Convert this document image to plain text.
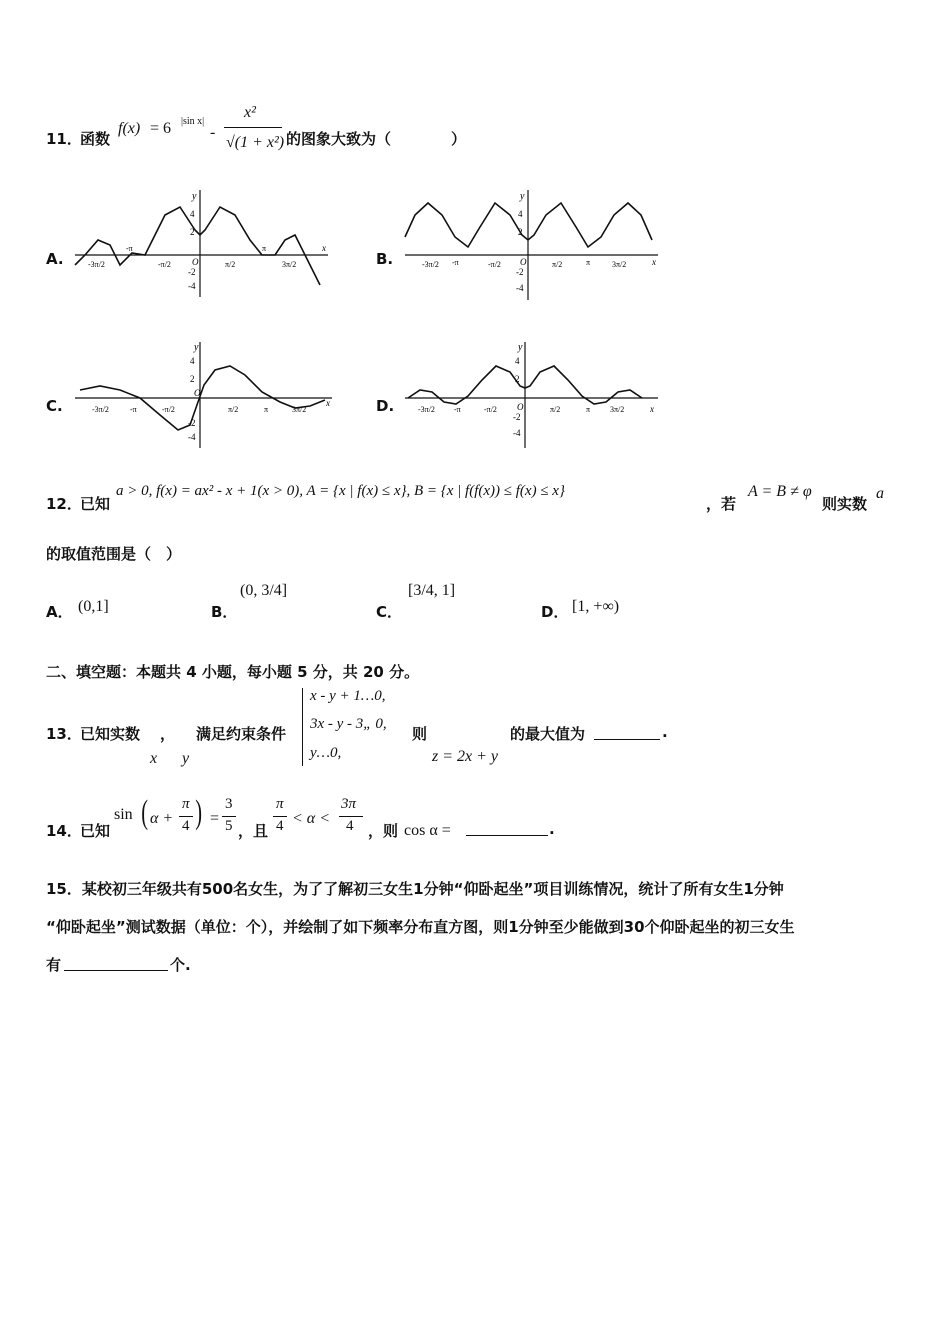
11．
函数
f(x) = 6 |sin x|
-
x²
√(1 + x²) 的图象大致为（　　　　）
A.	B.
C.	D.
y
x
O
4
2
-2
-4
-3π/2
-π
-π/2	π/2
π
3π/2
y
x
O
4
2
-2
-4
-3π/2 -π	-π/2	π/2	π	3π/2
y
x
O
4
2
-2
-4
-3π/2	-π	-π/2	π/2	π	3π/2
y
x
O
4
2
-2
-4
-3π/2 -π	-π/2	π/2	π 3π/2
12．
已知
a > 0, f(x) = ax² - x + 1(x > 0), A = {x | f(x) ≤ x}, B = {x | f(f(x)) ≤ f(x) ≤ x}
，若
A = B ≠ φ
则实数
a
的取值范围是（　）
A． (0,1]	B．
(0, 3/4]
C．
[3/4, 1]
D． [1, +∞)
二、填空题：本题共 4 小题，每小题 5 分，共 20 分。
13．
已知实数 ， 满足约束条件
x y
x - y + 1…0,
3x - y - 3„ 0,
y…0,
则
z = 2x + y
的最大值为	.
14．
已知
sin ( α +
π
4 ) =
3
5 ，且
π
4 < α <
3π
4 ，则 cos α =	.
15．某校初三年级共有500名女生，为了了解初三女生1分钟“仰卧起坐”项目训练情况，统计了所有女生1分钟
“仰卧起坐”测试数据（单位：个），并绘制了如下频率分布直方图，则1分钟至少能做到30个仰卧起坐的初三女生
有	个.
